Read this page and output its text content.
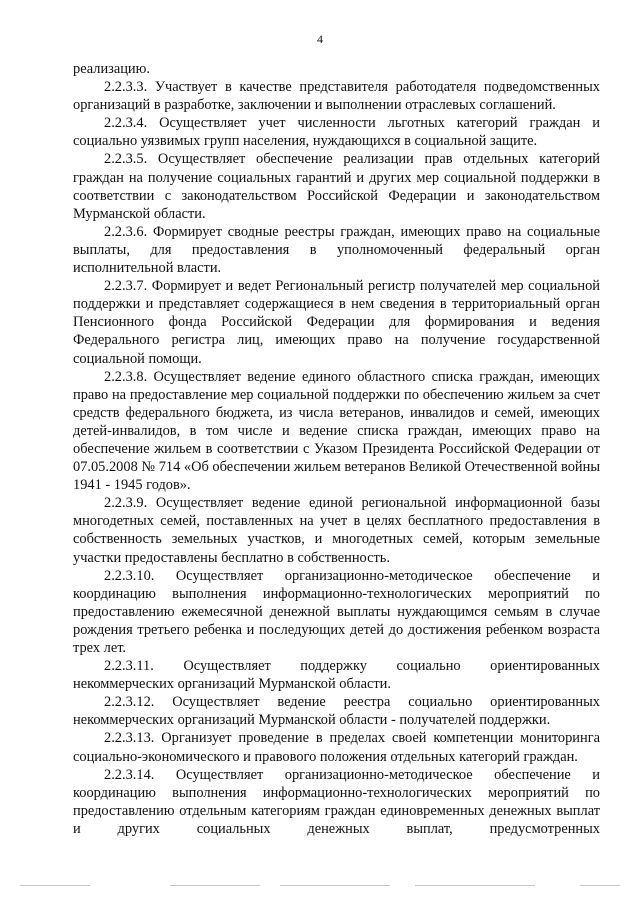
4

реализацию.

2.2.3.3. Участвует в качестве представителя работодателя подведомственных организаций в разработке, заключении и выполнении отраслевых соглашений.

2.2.3.4. Осуществляет учет численности льготных категорий граждан и социально уязвимых групп населения, нуждающихся в социальной защите.

2.2.3.5. Осуществляет обеспечение реализации прав отдельных категорий граждан на получение социальных гарантий и других мер социальной поддержки в соответствии с законодательством Российской Федерации и законодательством Мурманской области.

2.2.3.6. Формирует сводные реестры граждан, имеющих право на социальные выплаты, для предоставления в уполномоченный федеральный орган исполнительной власти.

2.2.3.7. Формирует и ведет Региональный регистр получателей мер социальной поддержки и представляет содержащиеся в нем сведения в территориальный орган Пенсионного фонда Российской Федерации для формирования и ведения Федерального регистра лиц, имеющих право на получение государственной социальной помощи.

2.2.3.8. Осуществляет ведение единого областного списка граждан, имеющих право на предоставление мер социальной поддержки по обеспечению жильем за счет средств федерального бюджета, из числа ветеранов, инвалидов и семей, имеющих детей-инвалидов, в том числе и ведение списка граждан, имеющих право на обеспечение жильем в соответствии с Указом Президента Российской Федерации от 07.05.2008 № 714 «Об обеспечении жильем ветеранов Великой Отечественной войны 1941 - 1945 годов».

2.2.3.9. Осуществляет ведение единой региональной информационной базы многодетных семей, поставленных на учет в целях бесплатного предоставления в собственность земельных участков, и многодетных семей, которым земельные участки предоставлены бесплатно в собственность.

2.2.3.10. Осуществляет организационно-методическое обеспечение и координацию выполнения информационно-технологических мероприятий по предоставлению ежемесячной денежной выплаты нуждающимся семьям в случае рождения третьего ребенка и последующих детей до достижения ребенком возраста трех лет.

2.2.3.11. Осуществляет поддержку социально ориентированных некоммерческих организаций Мурманской области.

2.2.3.12. Осуществляет ведение реестра социально ориентированных некоммерческих организаций Мурманской области - получателей поддержки.

2.2.3.13. Организует проведение в пределах своей компетенции мониторинга социально-экономического и правового положения отдельных категорий граждан.

2.2.3.14. Осуществляет организационно-методическое обеспечение и координацию выполнения информационно-технологических мероприятий по предоставлению отдельным категориям граждан единовременных денежных выплат и других социальных денежных выплат, предусмотренных
